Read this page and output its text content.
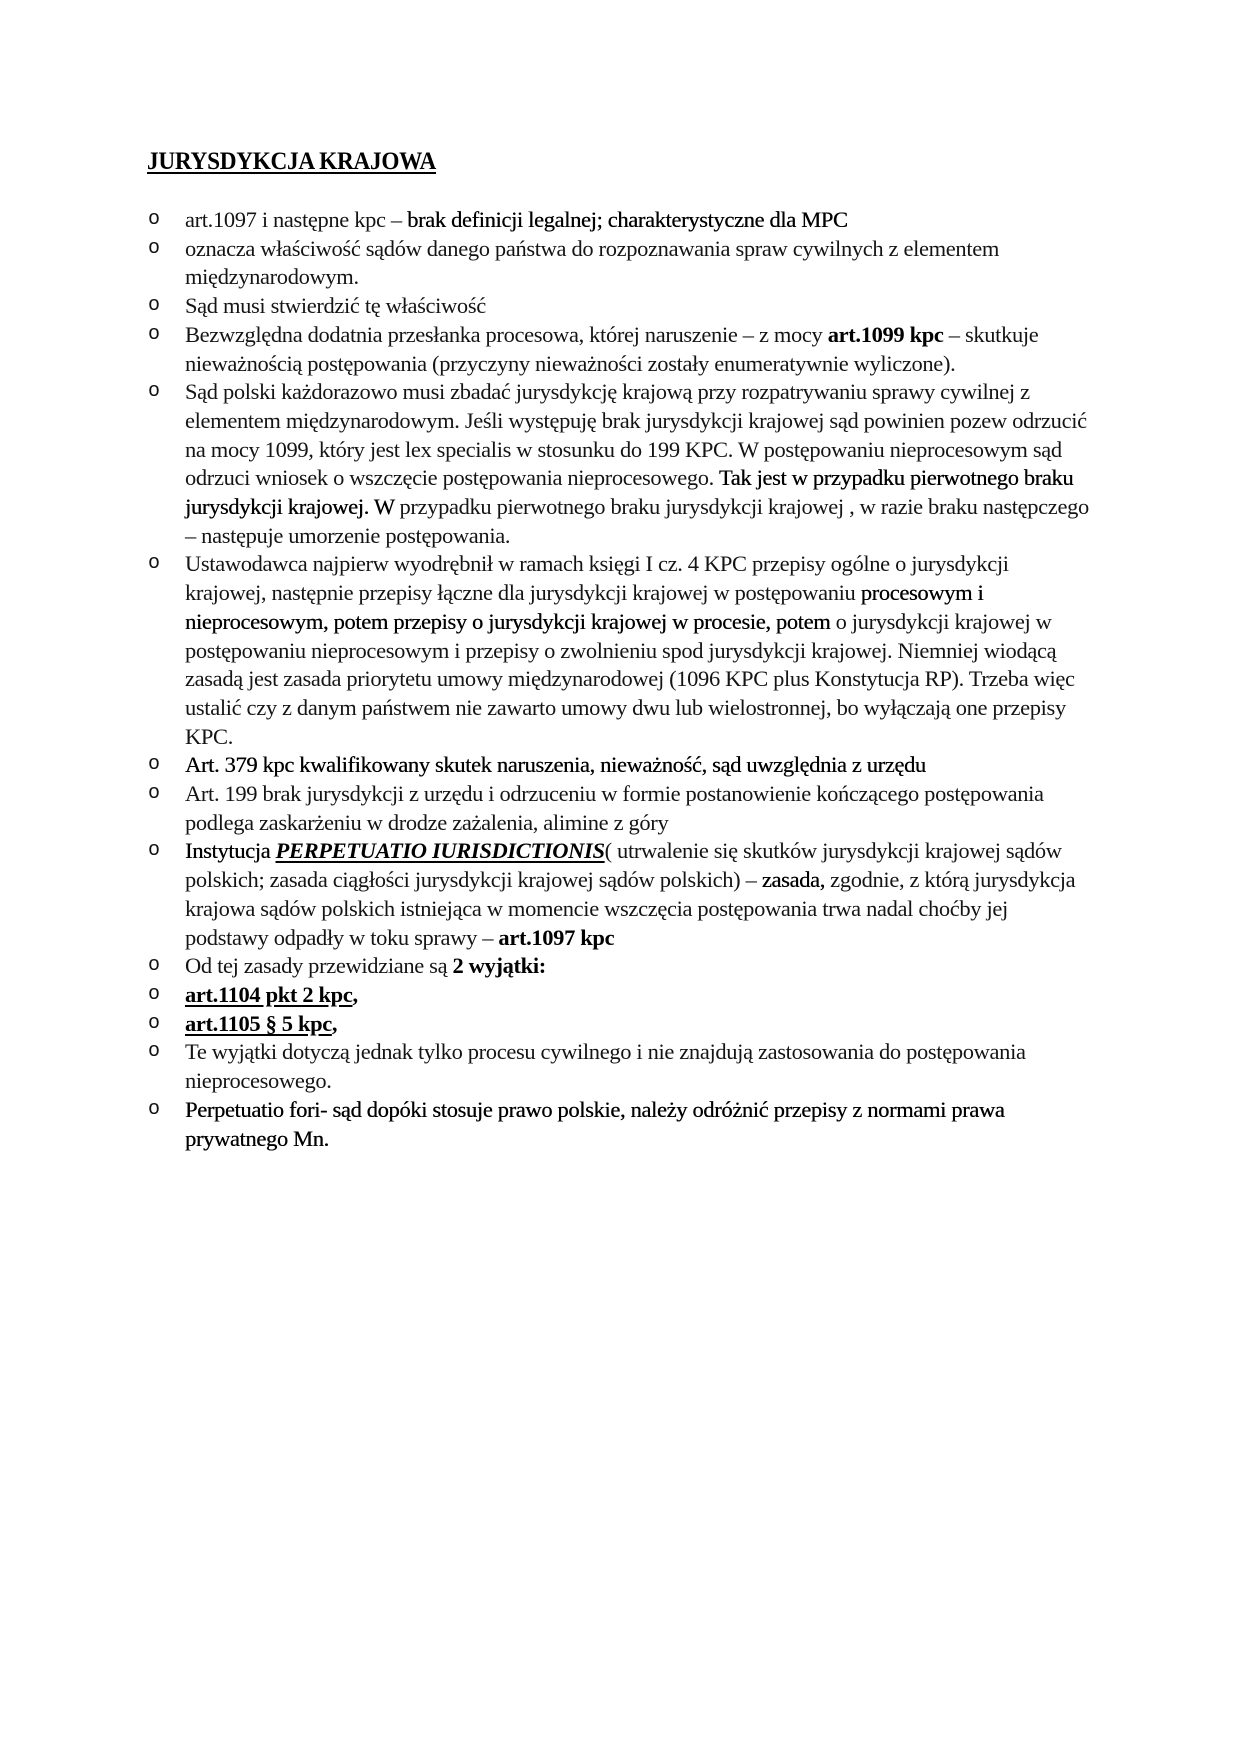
JURYSDYKCJA KRAJOWA
o art.1097 i następne kpc – brak definicji legalnej; charakterystyczne dla MPC
o oznacza właściwość sądów danego państwa do rozpoznawania spraw cywilnych z elementem międzynarodowym.
o Sąd musi stwierdzić tę właściwość
o Bezwzględna dodatnia przesłanka procesowa, której naruszenie – z mocy art.1099 kpc – skutkuje nieważnością postępowania (przyczyny nieważności zostały enumeratywnie wyliczone).
o Sąd polski każdorazowo musi zbadać jurysdykcję krajową przy rozpatrywaniu sprawy cywilnej z elementem międzynarodowym. Jeśli występuję brak jurysdykcji krajowej sąd powinien pozew odrzucić na mocy 1099, który jest lex specialis w stosunku do 199 KPC. W postępowaniu nieprocesowym sąd odrzuci wniosek o wszczęcie postępowania nieprocesowego. Tak jest w przypadku pierwotnego braku jurysdykcji krajowej. W przypadku pierwotnego braku jurysdykcji krajowej , w razie braku następczego – następuje umorzenie postępowania.
o Ustawodawca najpierw wyodrębnił w ramach księgi I cz. 4 KPC przepisy ogólne o jurysdykcji krajowej, następnie przepisy łączne dla jurysdykcji krajowej w postępowaniu procesowym i nieprocesowym, potem przepisy o jurysdykcji krajowej w procesie, potem o jurysdykcji krajowej w postępowaniu nieprocesowym i przepisy o zwolnieniu spod jurysdykcji krajowej. Niemniej wiodącą zasadą jest zasada priorytetu umowy międzynarodowej (1096 KPC plus Konstytucja RP). Trzeba więc ustalić czy z danym państwem nie zawarto umowy dwu lub wielostronnej, bo wyłączają one przepisy KPC.
o Art. 379 kpc kwalifikowany skutek naruszenia, nieważność, sąd uwzględnia z urzędu
o Art. 199 brak jurysdykcji z urzędu i odrzuceniu w formie postanowienie kończącego postępowania podlega zaskarżeniu w drodze zażalenia, alimine z góry
o Instytucja PERPETUATIO IURISDICTIONIS( utrwalenie się skutków jurysdykcji krajowej sądów polskich; zasada ciągłości jurysdykcji krajowej sądów polskich) – zasada, zgodnie, z którą jurysdykcja krajowa sądów polskich istniejąca w momencie wszczęcia postępowania trwa nadal choćby jej podstawy odpadły w toku sprawy – art.1097 kpc
o Od tej zasady przewidziane są 2 wyjątki:
o art.1104 pkt 2 kpc,
o art.1105 § 5 kpc,
o Te wyjątki dotyczą jednak tylko procesu cywilnego i nie znajdują zastosowania do postępowania nieprocesowego.
o Perpetuatio fori- sąd dopóki stosuje prawo polskie, należy odróżnić przepisy z normami prawa prywatnego Mn.
